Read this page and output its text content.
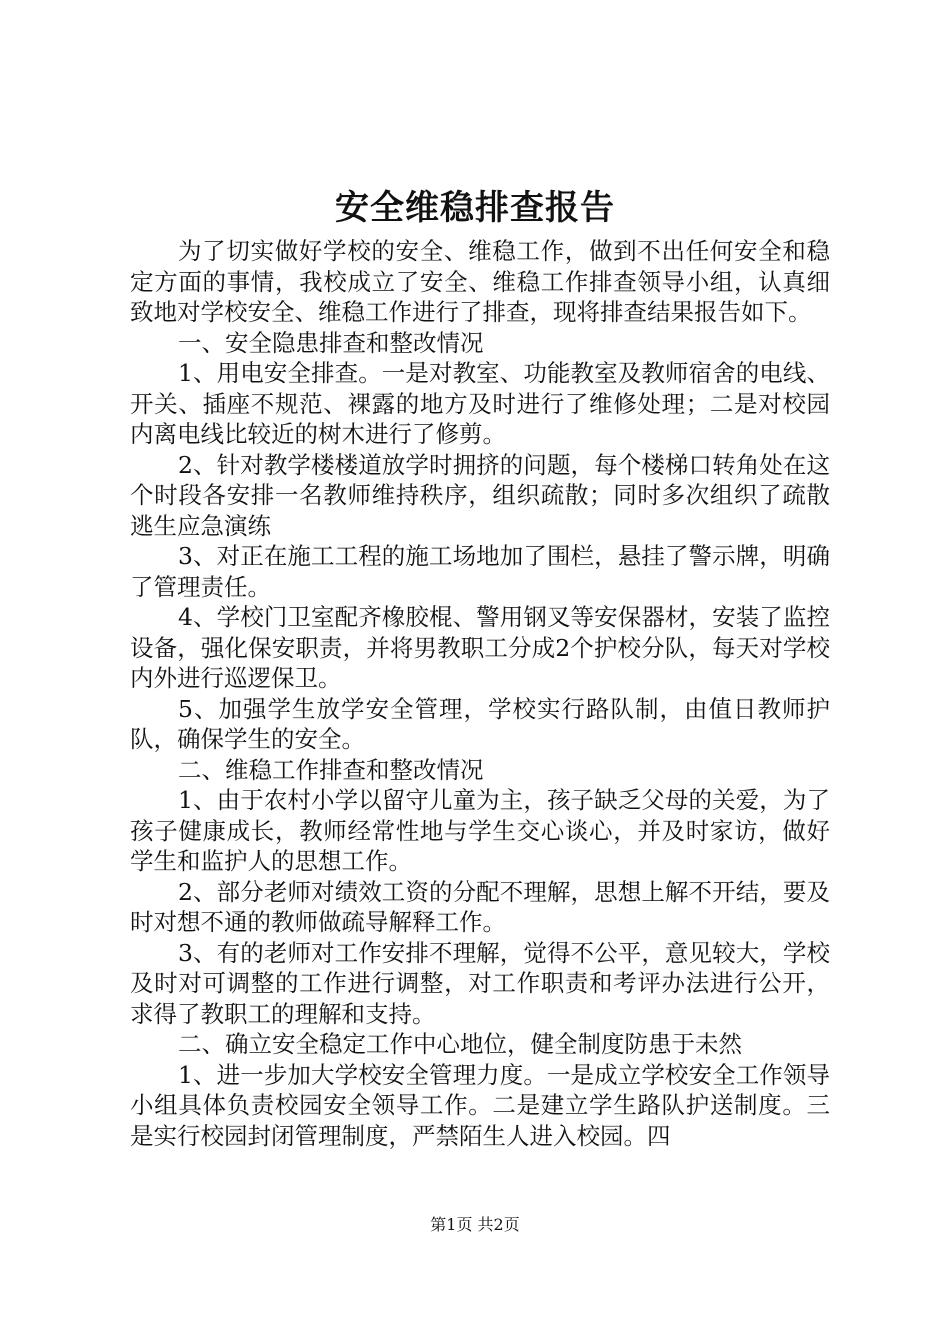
安全维稳排查报告

为了切实做好学校的安全、维稳工作，做到不出任何安全和稳定方面的事情，我校成立了安全、维稳工作排查领导小组，认真细致地对学校安全、维稳工作进行了排查，现将排查结果报告如下。

一、安全隐患排查和整改情况

1、用电安全排查。一是对教室、功能教室及教师宿舍的电线、开关、插座不规范、裸露的地方及时进行了维修处理；二是对校园内离电线比较近的树木进行了修剪。

2、针对教学楼楼道放学时拥挤的问题，每个楼梯口转角处在这个时段各安排一名教师维持秩序，组织疏散；同时多次组织了疏散逃生应急演练

3、对正在施工工程的施工场地加了围栏，悬挂了警示牌，明确了管理责任。

4、学校门卫室配齐橡胶棍、警用钢叉等安保器材，安装了监控设备，强化保安职责，并将男教职工分成2个护校分队，每天对学校内外进行巡逻保卫。

5、加强学生放学安全管理，学校实行路队制，由值日教师护队，确保学生的安全。

二、维稳工作排查和整改情况

1、由于农村小学以留守儿童为主，孩子缺乏父母的关爱，为了孩子健康成长，教师经常性地与学生交心谈心，并及时家访，做好学生和监护人的思想工作。

2、部分老师对绩效工资的分配不理解，思想上解不开结，要及时对想不通的教师做疏导解释工作。

3、有的老师对工作安排不理解，觉得不公平，意见较大，学校及时对可调整的工作进行调整，对工作职责和考评办法进行公开，求得了教职工的理解和支持。

二、确立安全稳定工作中心地位，健全制度防患于未然

1、进一步加大学校安全管理力度。一是成立学校安全工作领导小组具体负责校园安全领导工作。二是建立学生路队护送制度。三是实行校园封闭管理制度，严禁陌生人进入校园。四

第1页 共2页
